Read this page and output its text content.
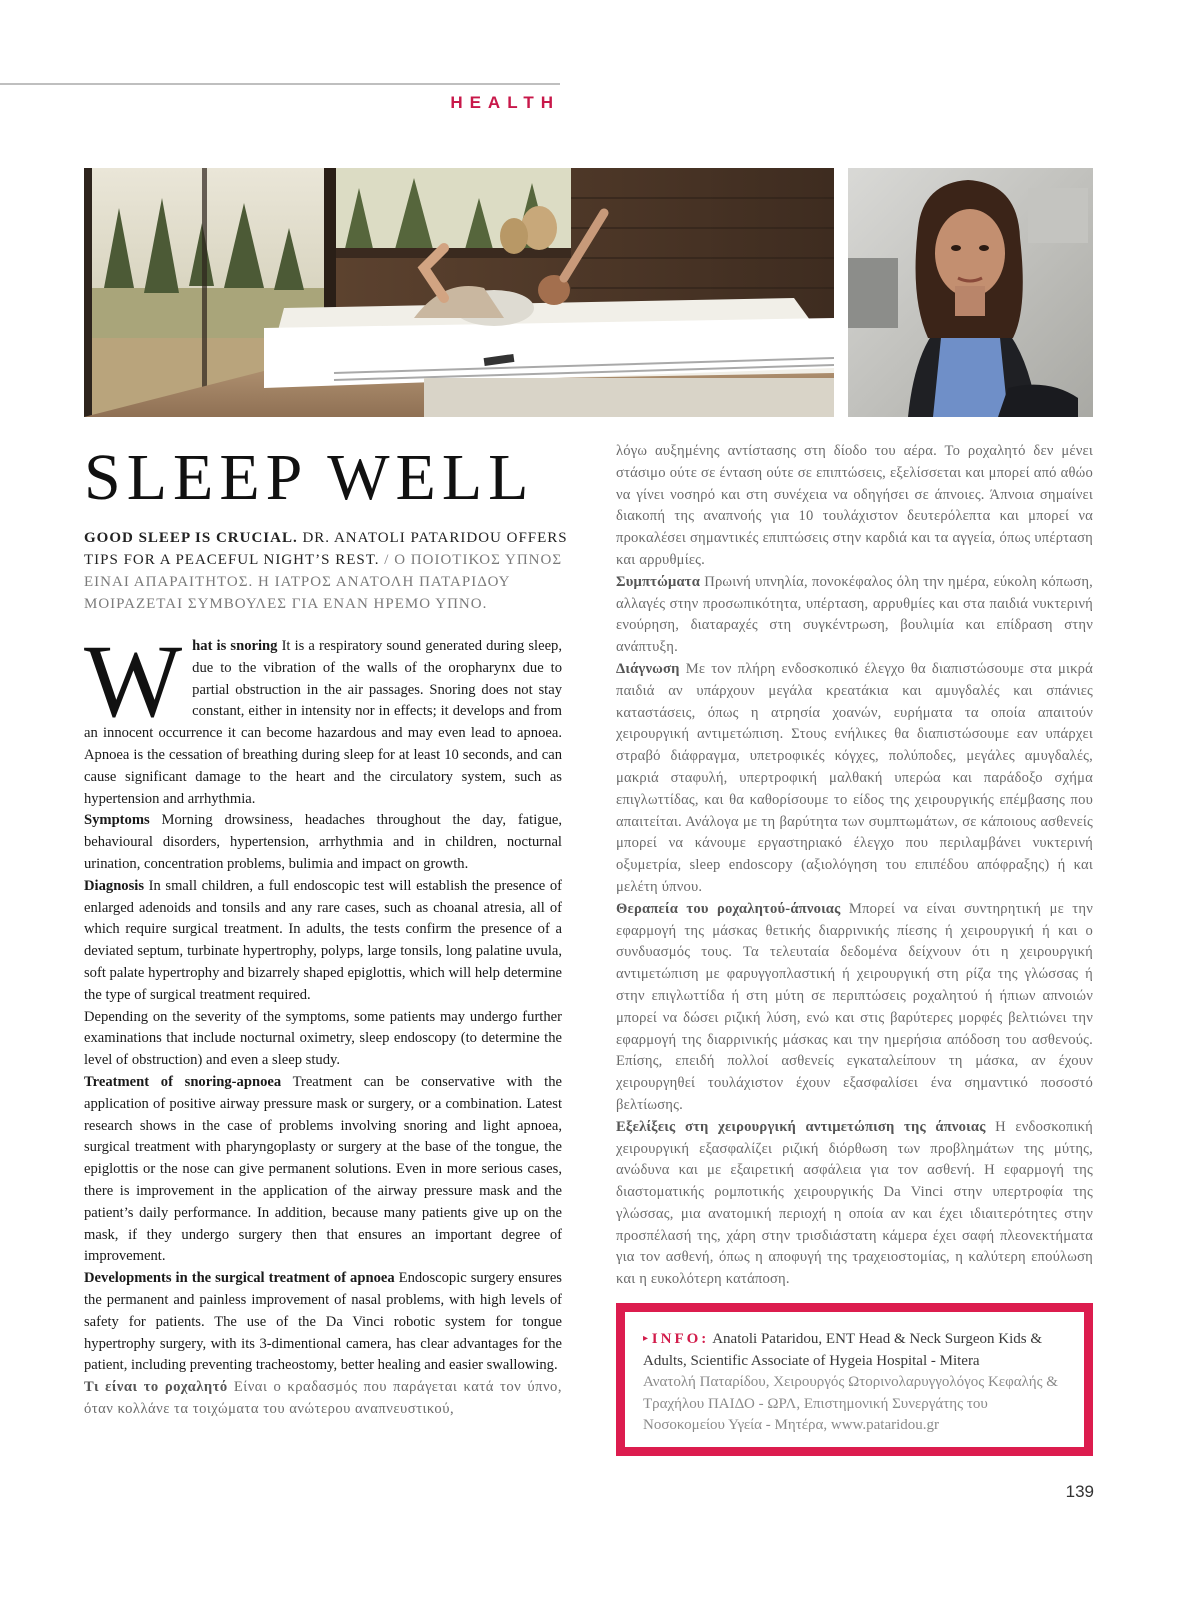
HEALTH
SLEEP WELL
GOOD SLEEP IS CRUCIAL. DR. ANATOLI PATARIDOU OFFERS TIPS FOR A PEACEFUL NIGHT’S REST. / Ο ΠΟΙΟΤΙΚΟΣ ΥΠΝΟΣ ΕΙΝΑΙ ΑΠΑΡΑΙΤΗΤΟΣ. Η ΙΑΤΡΟΣ ΑΝΑΤΟΛΗ ΠΑΤΑΡΙΔΟΥ ΜΟΙΡΑΖΕΤΑΙ ΣΥΜΒΟΥΛΕΣ ΓΙΑ ΕΝΑΝ ΗΡΕΜΟ ΥΠΝΟ.

What is snoring It is a respiratory sound generated during sleep, due to the vibration of the walls of the oropharynx due to partial obstruction in the air passages. Snoring does not stay constant, either in intensity nor in effects; it develops and from an innocent occurrence it can become hazardous and may even lead to apnoea. Apnoea is the cessation of breathing during sleep for at least 10 seconds, and can cause significant damage to the heart and the circulatory system, such as hypertension and arrhythmia.

Symptoms Morning drowsiness, headaches throughout the day, fatigue, behavioural disorders, hypertension, arrhythmia and in children, nocturnal urination, concentration problems, bulimia and impact on growth.

Diagnosis In small children, a full endoscopic test will establish the presence of enlarged adenoids and tonsils and any rare cases, such as choanal atresia, all of which require surgical treatment. In adults, the tests confirm the presence of a deviated septum, turbinate hypertrophy, polyps, large tonsils, long palatine uvula, soft palate hypertrophy and bizarrely shaped epiglottis, which will help determine the type of surgical treatment required.

Depending on the severity of the symptoms, some patients may undergo further examinations that include nocturnal oximetry, sleep endoscopy (to determine the level of obstruction) and even a sleep study.

Treatment of snoring-apnoea Treatment can be conservative with the application of positive airway pressure mask or surgery, or a combination. Latest research shows in the case of problems involving snoring and light apnoea, surgical treatment with pharyngoplasty or surgery at the base of the tongue, the epiglottis or the nose can give permanent solutions. Even in more serious cases, there is improvement in the application of the airway pressure mask and the patient’s daily performance. In addition, because many patients give up on the mask, if they undergo surgery then that ensures an important degree of improvement.

Developments in the surgical treatment of apnoea Endoscopic surgery ensures the permanent and painless improvement of nasal problems, with high levels of safety for patients. The use of the Da Vinci robotic system for tongue hypertrophy surgery, with its 3-dimentional camera, has clear advantages for the patient, including preventing tracheostomy, better healing and easier swallowing.

Τι είναι το ροχαλητό Είναι ο κραδασμός που παράγεται κατά τον ύπνο, όταν κολλάνε τα τοιχώματα του ανώτερου αναπνευστικού,

λόγω αυξημένης αντίστασης στη δίοδο του αέρα. Το ροχαλητό δεν μένει στάσιμο ούτε σε ένταση ούτε σε επιπτώσεις, εξελίσσεται και μπορεί από αθώο να γίνει νοσηρό και στη συνέχεια να οδηγήσει σε άπνοιες. Άπνοια σημαίνει διακοπή της αναπνοής για 10 τουλάχιστον δευτερόλεπτα και μπορεί να προκαλέσει σημαντικές επιπτώσεις στην καρδιά και τα αγγεία, όπως υπέρταση και αρρυθμίες.

Συμπτώματα Πρωινή υπνηλία, πονοκέφαλος όλη την ημέρα, εύκολη κόπωση, αλλαγές στην προσωπικότητα, υπέρταση, αρρυθμίες και στα παιδιά νυκτερινή ενούρηση, διαταραχές στη συγκέντρωση, βουλιμία και επίδραση στην ανάπτυξη.

Διάγνωση Με τον πλήρη ενδοσκοπικό έλεγχο θα διαπιστώσουμε στα μικρά παιδιά αν υπάρχουν μεγάλα κρεατάκια και αμυγδαλές και σπάνιες καταστάσεις, όπως η ατρησία χοανών, ευρήματα τα οποία απαιτούν χειρουργική αντιμετώπιση. Στους ενήλικες θα διαπιστώσουμε εαν υπάρχει στραβό διάφραγμα, υπετροφικές κόγχες, πολύποδες, μεγάλες αμυγδαλές, μακριά σταφυλή, υπερτροφική μαλθακή υπερώα και παράδοξο σχήμα επιγλωττίδας, και θα καθορίσουμε το είδος της χειρουργικής επέμβασης που απαιτείται. Ανάλογα με τη βαρύτητα των συμπτωμάτων, σε κάποιους ασθενείς μπορεί να κάνουμε εργαστηριακό έλεγχο που περιλαμβάνει νυκτερινή οξυμετρία, sleep endoscopy (αξιολόγηση του επιπέδου απόφραξης) ή και μελέτη ύπνου.

Θεραπεία του ροχαλητού-άπνοιας Μπορεί να είναι συντηρητική με την εφαρμογή της μάσκας θετικής διαρρινικής πίεσης ή χειρουργική ή και ο συνδυασμός τους. Τα τελευταία δεδομένα δείχνουν ότι η χειρουργική αντιμετώπιση με φαρυγγοπλαστική ή χειρουργική στη ρίζα της γλώσσας ή στην επιγλωττίδα ή στη μύτη σε περιπτώσεις ροχαλητού ή ήπιων απνοιών μπορεί να δώσει ριζική λύση, ενώ και στις βαρύτερες μορφές βελτιώνει την εφαρμογή της διαρρινικής μάσκας και την ημερήσια απόδοση του ασθενούς. Επίσης, επειδή πολλοί ασθενείς εγκαταλείπουν τη μάσκα, αν έχουν χειρουργηθεί τουλάχιστον έχουν εξασφαλίσει ένα σημαντικό ποσοστό βελτίωσης.

Εξελίξεις στη χειρουργική αντιμετώπιση της άπνοιας Η ενδοσκοπική χειρουργική εξασφαλίζει ριζική διόρθωση των προβλημάτων της μύτης, ανώδυνα και με εξαιρετική ασφάλεια για τον ασθενή. Η εφαρμογή της διαστοματικής ρομποτικής χειρουργικής Da Vinci στην υπερτροφία της γλώσσας, μια ανατομική περιοχή η οποία αν και έχει ιδιαιτερότητες στην προσπέλασή της, χάρη στην τρισδιάστατη κάμερα έχει σαφή πλεονεκτήματα για τον ασθενή, όπως η αποφυγή της τραχειοστομίας, η καλύτερη επούλωση και η ευκολότερη κατάποση.

▸ INFO: Anatoli Pataridou, ENT Head & Neck Surgeon Kids & Adults, Scientific Associate of Hygeia Hospital - Mitera
Ανατολή Παταρίδου, Χειρουργός Ωτορινολαρυγγολόγος Κεφαλής & Τραχήλου ΠΑΙΔΟ - ΩΡΛ, Επιστημονική Συνεργάτης του Νοσοκομείου Υγεία - Μητέρα, www.pataridou.gr
139
